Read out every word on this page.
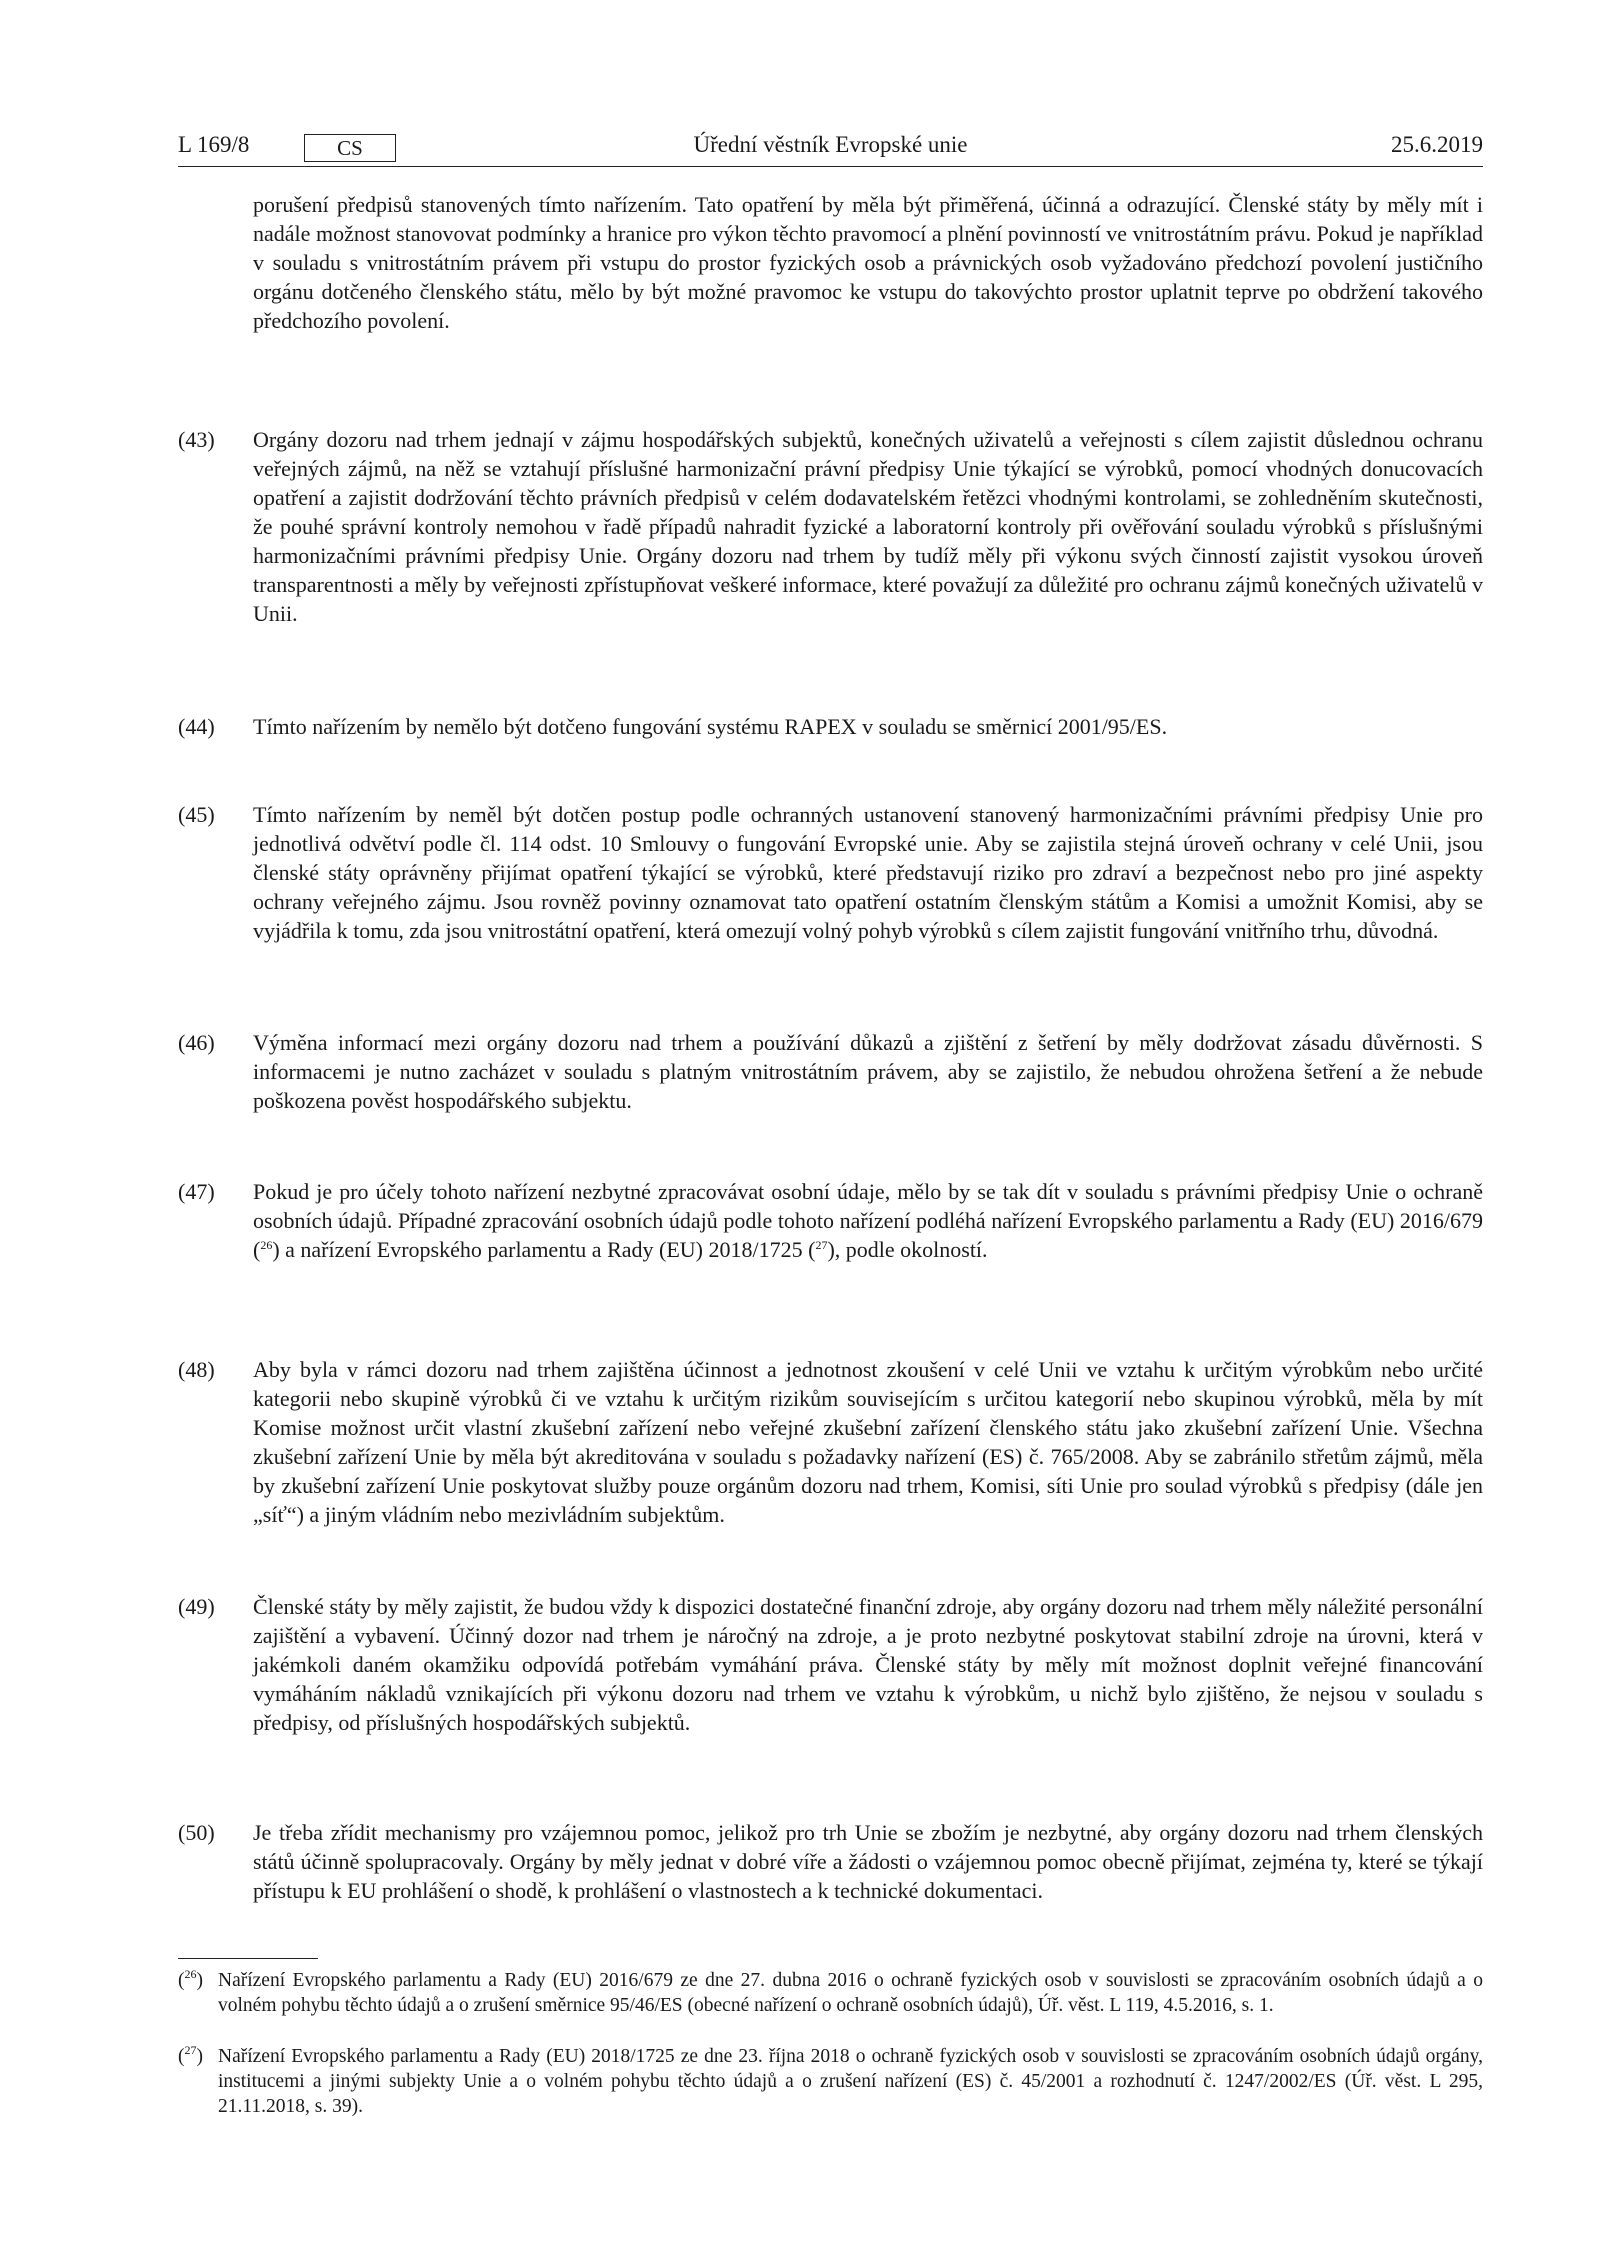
L 169/8	Úřední věstník Evropské unie
CS	25.6.2019
porušení předpisů stanovených tímto nařízením. Tato opatření by měla být přiměřená, účinná a odrazující. Členské státy by měly mít i nadále možnost stanovovat podmínky a hranice pro výkon těchto pravomocí a plnění povinností ve vnitrostátním právu. Pokud je například v souladu s vnitrostátním právem při vstupu do prostor fyzických osob a právnických osob vyžadováno předchozí povolení justičního orgánu dotčeného členského státu, mělo by být možné pravomoc ke vstupu do takovýchto prostor uplatnit teprve po obdržení takového předchozího povolení.
(43)	Orgány dozoru nad trhem jednají v zájmu hospodářských subjektů, konečných uživatelů a veřejnosti s cílem zajistit důslednou ochranu veřejných zájmů, na něž se vztahují příslušné harmonizační právní předpisy Unie týkající se výrobků, pomocí vhodných donucovacích opatření a zajistit dodržování těchto právních předpisů v celém dodavatelském řetězci vhodnými kontrolami, se zohledněním skutečnosti, že pouhé správní kontroly nemohou v řadě případů nahradit fyzické a laboratorní kontroly při ověřování souladu výrobků s příslušnými harmonizačními právními předpisy Unie. Orgány dozoru nad trhem by tudíž měly při výkonu svých činností zajistit vysokou úroveň transparentnosti a měly by veřejnosti zpřístupňovat veškeré informace, které považují za důležité pro ochranu zájmů konečných uživatelů v Unii.
(44)	Tímto nařízením by nemělo být dotčeno fungování systému RAPEX v souladu se směrnicí 2001/95/ES.
(45)	Tímto nařízením by neměl být dotčen postup podle ochranných ustanovení stanovený harmonizačními právními předpisy Unie pro jednotlivá odvětví podle čl. 114 odst. 10 Smlouvy o fungování Evropské unie. Aby se zajistila stejná úroveň ochrany v celé Unii, jsou členské státy oprávněny přijímat opatření týkající se výrobků, které představují riziko pro zdraví a bezpečnost nebo pro jiné aspekty ochrany veřejného zájmu. Jsou rovněž povinny oznamovat tato opatření ostatním členským státům a Komisi a umožnit Komisi, aby se vyjádřila k tomu, zda jsou vnitrostátní opatření, která omezují volný pohyb výrobků s cílem zajistit fungování vnitřního trhu, důvodná.
(46)	Výměna informací mezi orgány dozoru nad trhem a používání důkazů a zjištění z šetření by měly dodržovat zásadu důvěrnosti. S informacemi je nutno zacházet v souladu s platným vnitrostátním právem, aby se zajistilo, že nebudou ohrožena šetření a že nebude poškozena pověst hospodářského subjektu.
(47)	Pokud je pro účely tohoto nařízení nezbytné zpracovávat osobní údaje, mělo by se tak dít v souladu s právními předpisy Unie o ochraně osobních údajů. Případné zpracování osobních údajů podle tohoto nařízení podléhá nařízení Evropského parlamentu a Rady (EU) 2016/679 ($^{26}$) a nařízení Evropského parlamentu a Rady (EU) 2018/1725 ($^{27}$), podle okolností.
(48)	Aby byla v rámci dozoru nad trhem zajištěna účinnost a jednotnost zkoušení v celé Unii ve vztahu k určitým výrobkům nebo určité kategorii nebo skupině výrobků či ve vztahu k určitým rizikům souvisejícím s určitou kategorií nebo skupinou výrobků, měla by mít Komise možnost určit vlastní zkušební zařízení nebo veřejné zkušební zařízení členského státu jako zkušební zařízení Unie. Všechna zkušební zařízení Unie by měla být akreditována v souladu s požadavky nařízení (ES) č. 765/2008. Aby se zabránilo střetům zájmů, měla by zkušební zařízení Unie poskytovat služby pouze orgánům dozoru nad trhem, Komisi, síti Unie pro soulad výrobků s předpisy (dále jen „síť“) a jiným vládním nebo mezivládním subjektům.
(49)	Členské státy by měly zajistit, že budou vždy k dispozici dostatečné finanční zdroje, aby orgány dozoru nad trhem měly náležité personální zajištění a vybavení. Účinný dozor nad trhem je náročný na zdroje, a je proto nezbytné poskytovat stabilní zdroje na úrovni, která v jakémkoli daném okamžiku odpovídá potřebám vymáhání práva. Členské státy by měly mít možnost doplnit veřejné financování vymáháním nákladů vznikajících při výkonu dozoru nad trhem ve vztahu k výrobkům, u nichž bylo zjištěno, že nejsou v souladu s předpisy, od příslušných hospodářských subjektů.
(50)	Je třeba zřídit mechanismy pro vzájemnou pomoc, jelikož pro trh Unie se zbožím je nezbytné, aby orgány dozoru nad trhem členských států účinně spolupracovaly. Orgány by měly jednat v dobré víře a žádosti o vzájemnou pomoc obecně přijímat, zejména ty, které se týkají přístupu k EU prohlášení o shodě, k prohlášení o vlastnostech a k technické dokumentaci.
($^{26}$) Nařízení Evropského parlamentu a Rady (EU) 2016/679 ze dne 27. dubna 2016 o ochraně fyzických osob v souvislosti se zpracováním osobních údajů a o volném pohybu těchto údajů a o zrušení směrnice 95/46/ES (obecné nařízení o ochraně osobních údajů), Úř. věst. L 119, 4.5.2016, s. 1.
($^{27}$) Nařízení Evropského parlamentu a Rady (EU) 2018/1725 ze dne 23. října 2018 o ochraně fyzických osob v souvislosti se zpracováním osobních údajů orgány, institucemi a jinými subjekty Unie a o volném pohybu těchto údajů a o zrušení nařízení (ES) č. 45/2001 a rozhodnutí č. 1247/2002/ES (Úř. věst. L 295, 21.11.2018, s. 39).
